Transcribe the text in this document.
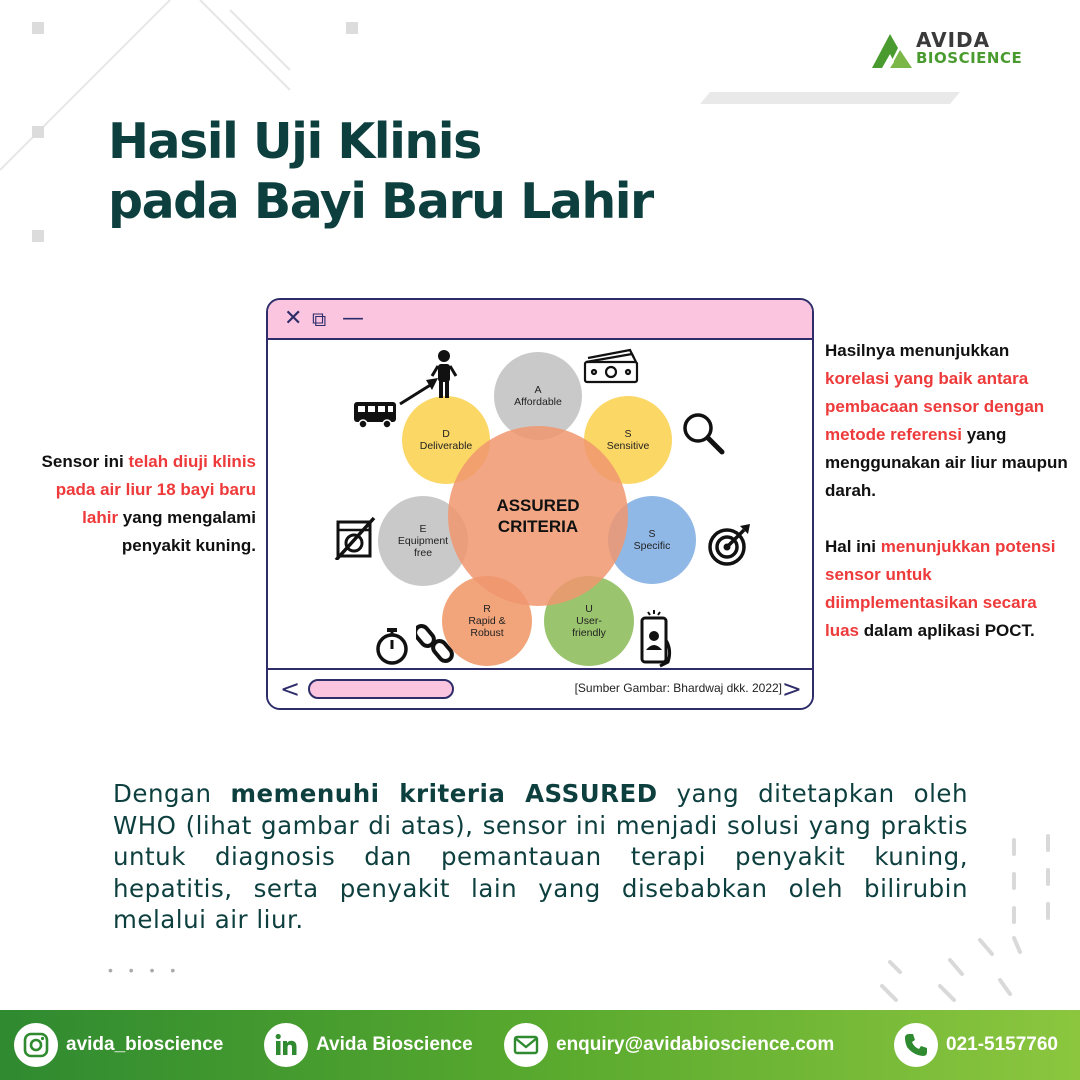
AVIDA
BIOSCIENCE
Hasil Uji Klinis
pada Bayi Baru Lahir
Sensor ini telah diuji klinis pada air liur 18 bayi baru lahir yang mengalami penyakit kuning.
✕ ⧉ —
A
Affordable
S
Sensitive
S
Specific
U
User-
friendly
R
Rapid &
Robust
E
Equipment
free
D
Deliverable
ASSURED
CRITERIA
<	[Sumber Gambar: Bhardwaj dkk. 2022] >
Hasilnya menunjukkan korelasi yang baik antara pembacaan sensor dengan metode referensi yang menggunakan air liur maupun darah.
Hal ini menunjukkan potensi sensor untuk diimplementasikan secara luas dalam aplikasi POCT.
Dengan memenuhi kriteria ASSURED yang ditetapkan oleh WHO (lihat gambar di atas), sensor ini menjadi solusi yang praktis untuk diagnosis dan pemantauan terapi penyakit kuning, hepatitis, serta penyakit lain yang disebabkan oleh bilirubin melalui air liur.
• • • •
avida_bioscience	Avida Bioscience	enquiry@avidabioscience.com	021-5157760
